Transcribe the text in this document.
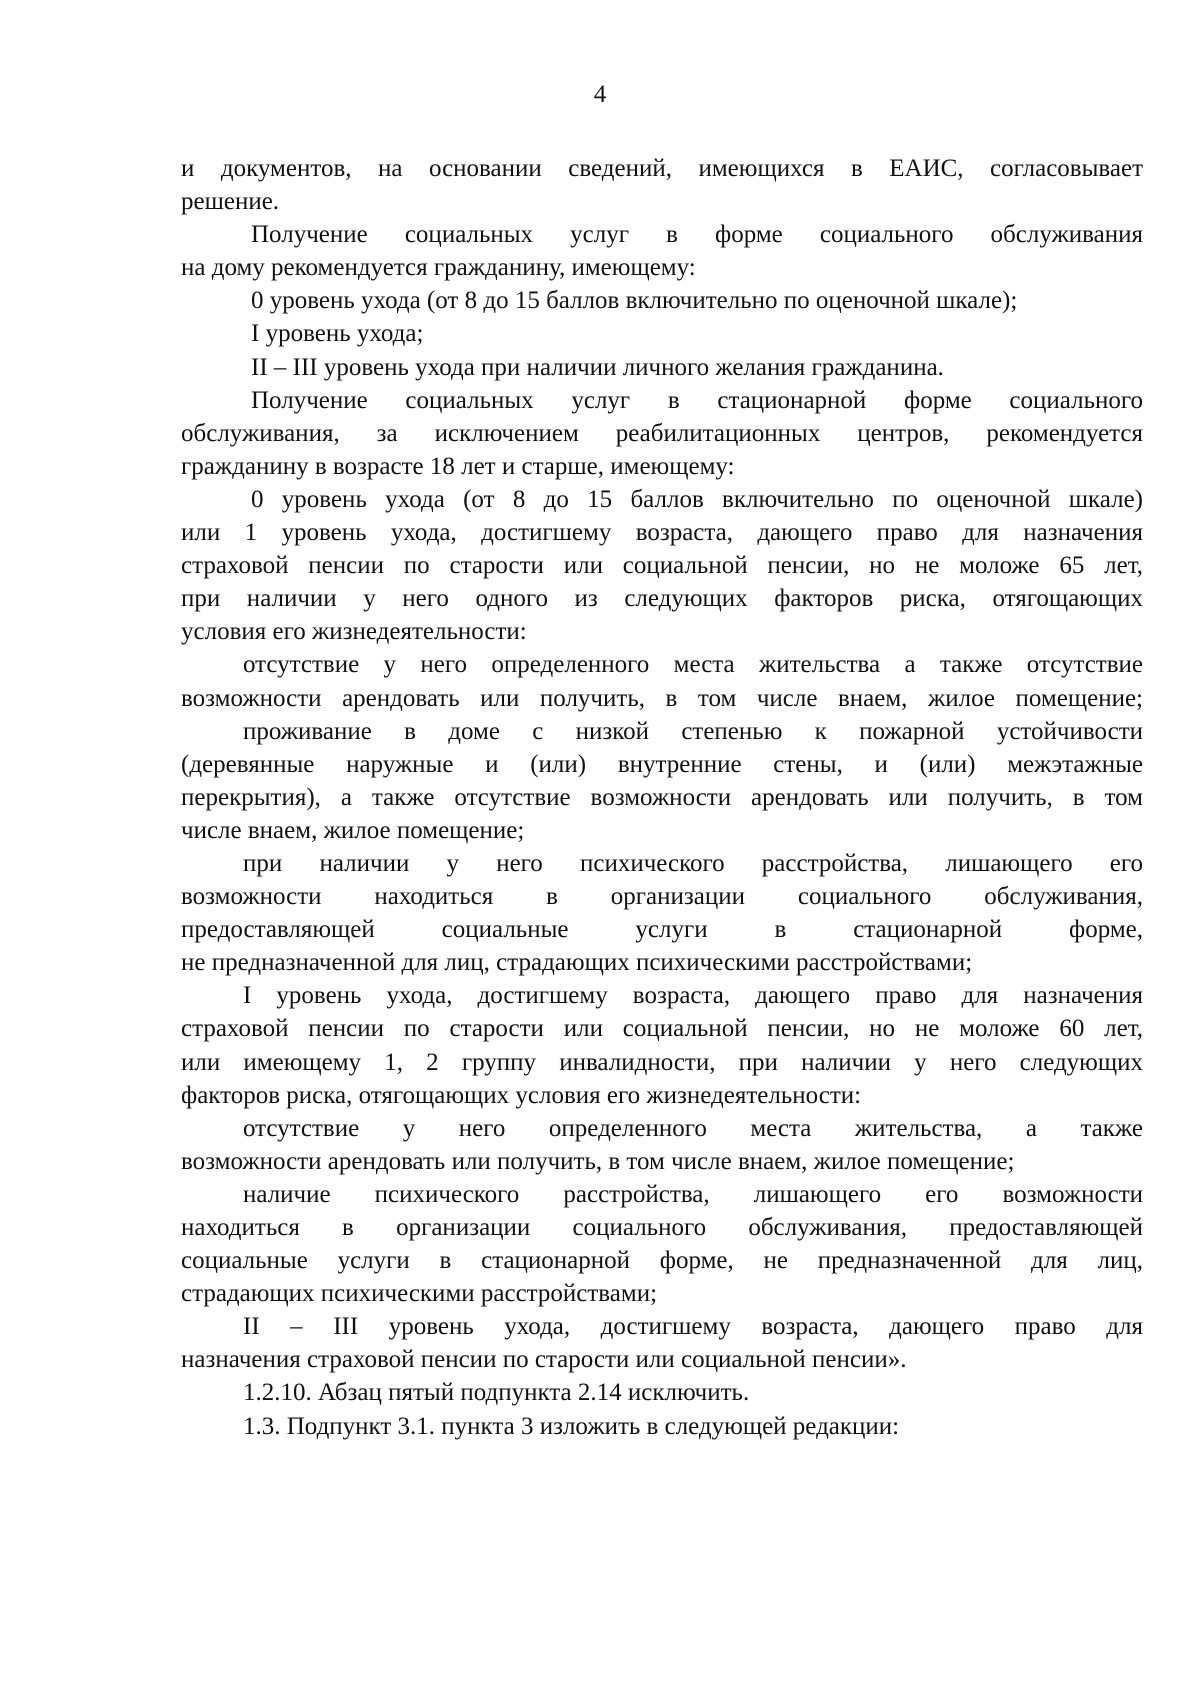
4
и документов, на основании сведений, имеющихся в ЕАИС, согласовывает
решение.
Получение социальных услуг в форме социального обслуживания
на дому рекомендуется гражданину, имеющему:
0 уровень ухода (от 8 до 15 баллов включительно по оценочной шкале);
I уровень ухода;
II – III уровень ухода при наличии личного желания гражданина.
Получение социальных услуг в стационарной форме социального
обслуживания, за исключением реабилитационных центров, рекомендуется
гражданину в возрасте 18 лет и старше, имеющему:
0 уровень ухода (от 8 до 15 баллов включительно по оценочной шкале)
или 1 уровень ухода, достигшему возраста, дающего право для назначения
страховой пенсии по старости или социальной пенсии, но не моложе 65 лет,
при наличии у него одного из следующих факторов риска, отягощающих
условия его жизнедеятельности:
отсутствие у него определенного места жительства а также отсутствие
возможности арендовать или получить, в том числе внаем, жилое помещение;
проживание в доме с низкой степенью к пожарной устойчивости
(деревянные наружные и (или) внутренние стены, и (или) межэтажные
перекрытия), а также отсутствие возможности арендовать или получить, в том
числе внаем, жилое помещение;
при наличии у него психического расстройства, лишающего его
возможности находиться в организации социального обслуживания,
предоставляющей социальные услуги в стационарной форме,
не предназначенной для лиц, страдающих психическими расстройствами;
I уровень ухода, достигшему возраста, дающего право для назначения
страховой пенсии по старости или социальной пенсии, но не моложе 60 лет,
или имеющему 1, 2 группу инвалидности, при наличии у него следующих
факторов риска, отягощающих условия его жизнедеятельности:
отсутствие у него определенного места жительства, а также
возможности арендовать или получить, в том числе внаем, жилое помещение;
наличие психического расстройства, лишающего его возможности
находиться в организации социального обслуживания, предоставляющей
социальные услуги в стационарной форме, не предназначенной для лиц,
страдающих психическими расстройствами;
II – III уровень ухода, достигшему возраста, дающего право для
назначения страховой пенсии по старости или социальной пенсии».
1.2.10. Абзац пятый подпункта 2.14 исключить.
1.3. Подпункт 3.1. пункта 3 изложить в следующей редакции:
